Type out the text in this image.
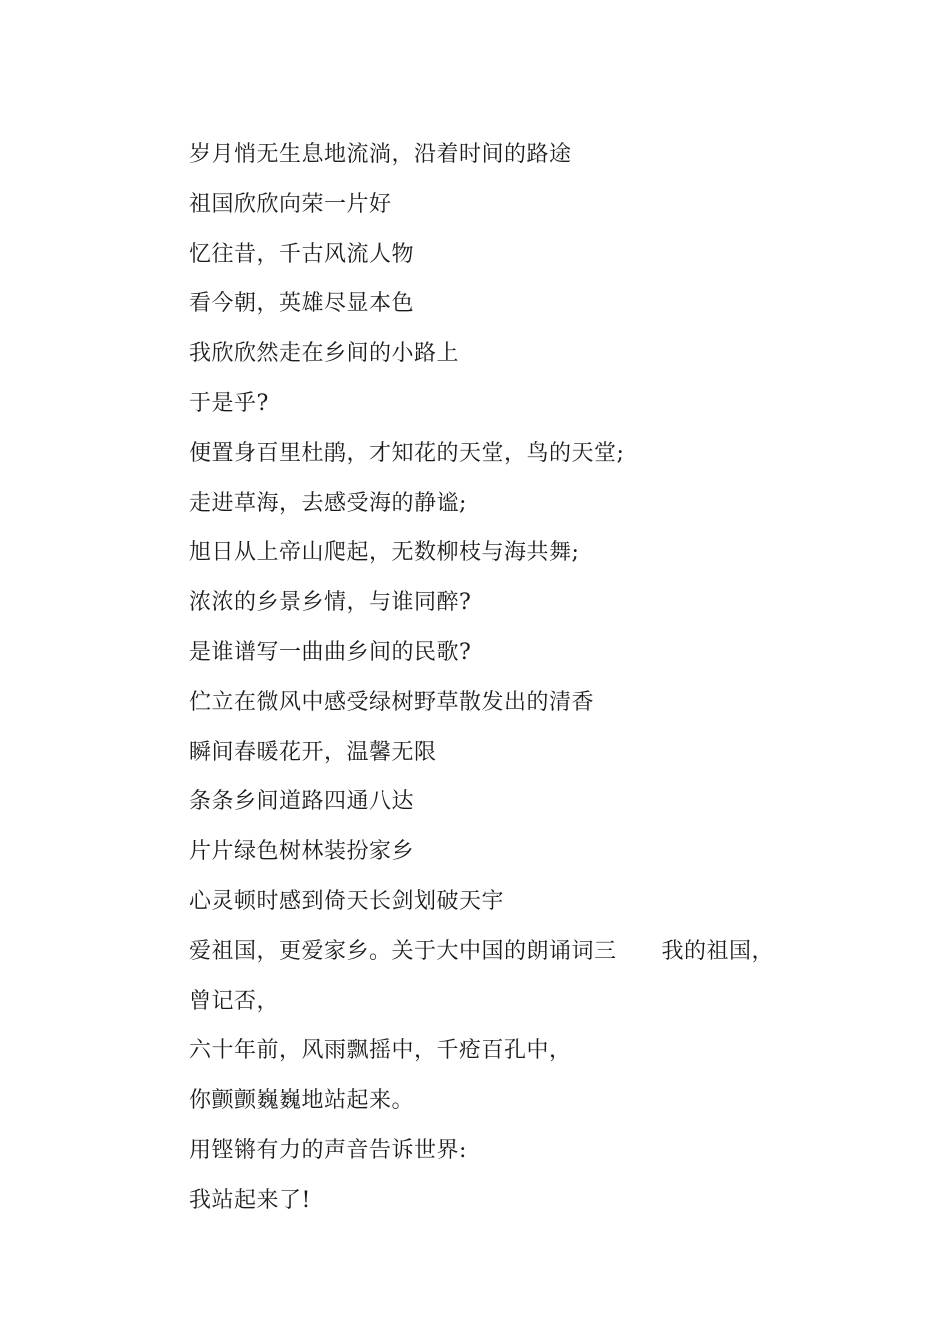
岁月悄无生息地流淌，沿着时间的路途
祖国欣欣向荣一片好
忆往昔，千古风流人物
看今朝，英雄尽显本色
我欣欣然走在乡间的小路上
于是乎?
便置身百里杜鹃，才知花的天堂，鸟的天堂;
走进草海，去感受海的静谧;
旭日从上帝山爬起，无数柳枝与海共舞;
浓浓的乡景乡情，与谁同醉?
是谁谱写一曲曲乡间的民歌?
伫立在微风中感受绿树野草散发出的清香
瞬间春暖花开，温馨无限
条条乡间道路四通八达
片片绿色树林装扮家乡
心灵顿时感到倚天长剑划破天宇
爱祖国，更爱家乡。关于大中国的朗诵词三      我的祖国，
曾记否，
六十年前，风雨飘摇中，千疮百孔中，
你颤颤巍巍地站起来。
用铿锵有力的声音告诉世界:
我站起来了!
